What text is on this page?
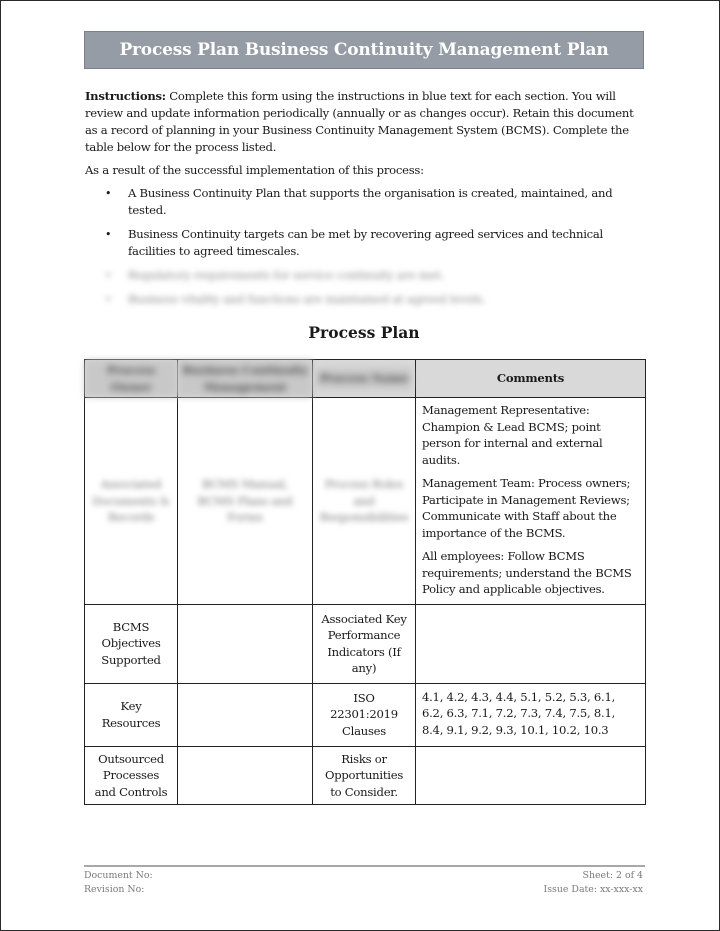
Process Plan Business Continuity Management Plan

Instructions: Complete this form using the instructions in blue text for each section. You will review and update information periodically (annually or as changes occur). Retain this document as a record of planning in your Business Continuity Management System (BCMS). Complete the table below for the process listed.

As a result of the successful implementation of this process:

• A Business Continuity Plan that supports the organisation is created, maintained, and tested.
• Business Continuity targets can be met by recovering agreed services and technical facilities to agreed timescales.
• Regulatory requirements for service continuity are met.
• Business vitality and functions are maintained at agreed levels.
Process Plan
Process Owner	Business Continuity Management	Process Name	Comments
Associated Documents & Records	BCMS Manual, BCMS Plans and Forms	Process Roles and Responsibilities	Management Representative: Champion & Lead BCMS; point person for internal and external audits.

Management Team: Process owners; Participate in Management Reviews; Communicate with Staff about the importance of the BCMS.

All employees: Follow BCMS requirements; understand the BCMS Policy and applicable objectives.

BCMS Objectives Supported		Associated Key Performance Indicators (If any)	
Key Resources		ISO 22301:2019 Clauses	4.1, 4.2, 4.3, 4.4, 5.1, 5.2, 5.3, 6.1, 6.2, 6.3, 7.1, 7.2, 7.3, 7.4, 7.5, 8.1, 8.4, 9.1, 9.2, 9.3, 10.1, 10.2, 10.3
Outsourced Processes and Controls		Risks or Opportunities to Consider.	
Document No:
Revision No:
Sheet: 2 of 4
Issue Date: xx-xxx-xx
